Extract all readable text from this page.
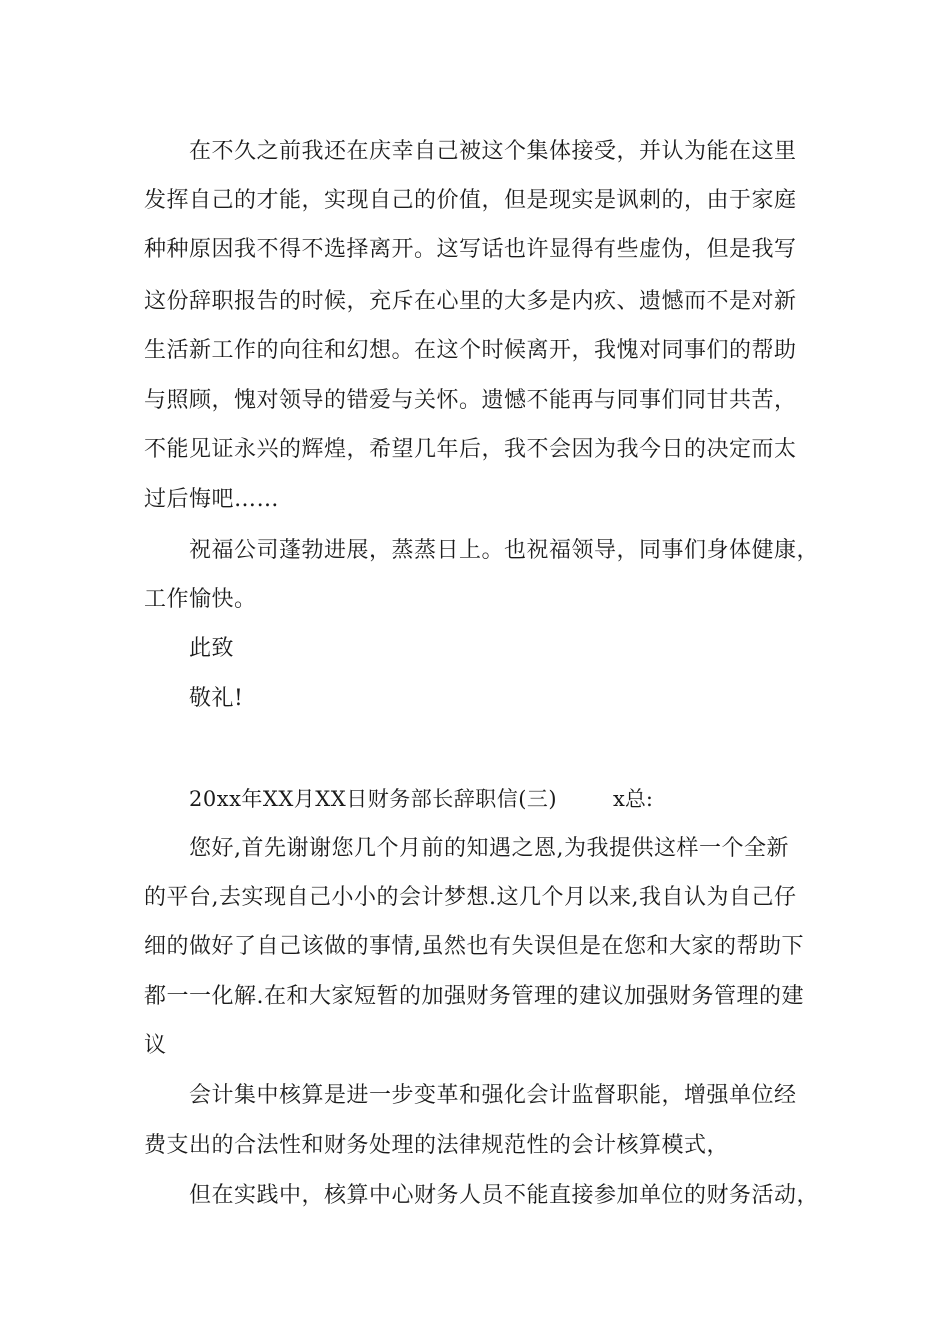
在不久之前我还在庆幸自己被这个集体接受，并认为能在这里
发挥自己的才能，实现自己的价值，但是现实是讽刺的，由于家庭
种种原因我不得不选择离开。这写话也许显得有些虚伪，但是我写
这份辞职报告的时候，充斥在心里的大多是内疚、遗憾而不是对新
生活新工作的向往和幻想。在这个时候离开，我愧对同事们的帮助
与照顾，愧对领导的错爱与关怀。遗憾不能再与同事们同甘共苦，
不能见证永兴的辉煌，希望几年后，我不会因为我今日的决定而太
过后悔吧……
祝福公司蓬勃进展，蒸蒸日上。也祝福领导，同事们身体健康，
工作愉快。
此致
敬礼!
20xx年XX月XX日财务部长辞职信(三)	x总:
您好,首先谢谢您几个月前的知遇之恩,为我提供这样一个全新
的平台,去实现自己小小的会计梦想.这几个月以来,我自认为自己仔
细的做好了自己该做的事情,虽然也有失误但是在您和大家的帮助下
都一一化解.在和大家短暂的加强财务管理的建议加强财务管理的建
议
会计集中核算是进一步变革和强化会计监督职能，增强单位经
费支出的合法性和财务处理的法律规范性的会计核算模式，
但在实践中，核算中心财务人员不能直接参加单位的财务活动，
